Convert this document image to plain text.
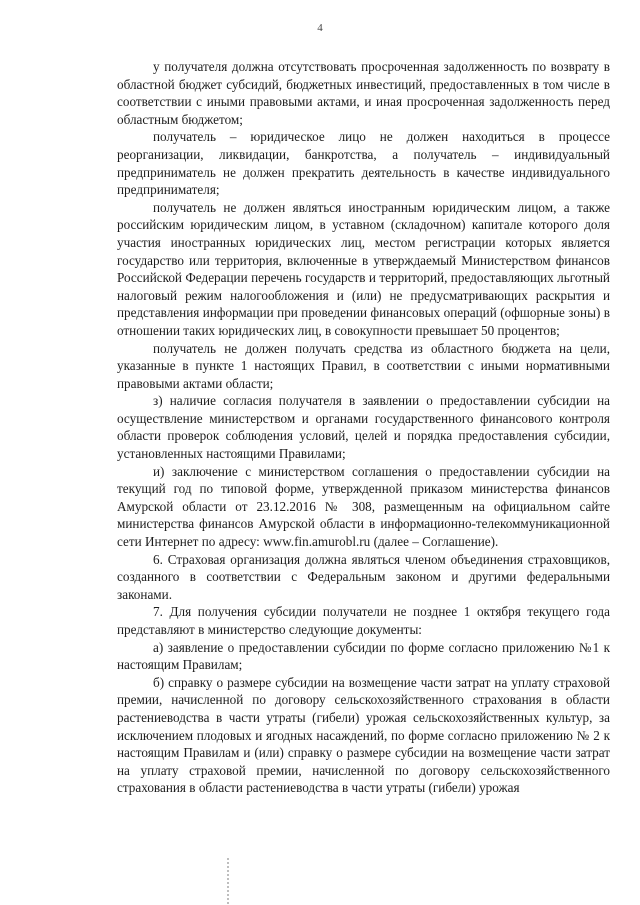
4

у получателя должна отсутствовать просроченная задолженность по возврату в областной бюджет субсидий, бюджетных инвестиций, предоставленных в том числе в соответствии с иными правовыми актами, и иная просроченная задолженность перед областным бюджетом;

получатель – юридическое лицо не должен находиться в процессе реорганизации, ликвидации, банкротства, а получатель – индивидуальный предприниматель не должен прекратить деятельность в качестве индивидуального предпринимателя;

получатель не должен являться иностранным юридическим лицом, а также российским юридическим лицом, в уставном (складочном) капитале которого доля участия иностранных юридических лиц, местом регистрации которых является государство или территория, включенные в утверждаемый Министерством финансов Российской Федерации перечень государств и территорий, предоставляющих льготный налоговый режим налогообложения и (или) не предусматривающих раскрытия и представления информации при проведении финансовых операций (офшорные зоны) в отношении таких юридических лиц, в совокупности превышает 50 процентов;

получатель не должен получать средства из областного бюджета на цели, указанные в пункте 1 настоящих Правил, в соответствии с иными нормативными правовыми актами области;

з) наличие согласия получателя в заявлении о предоставлении субсидии на осуществление министерством и органами государственного финансового контроля области проверок соблюдения условий, целей и порядка предоставления субсидии, установленных настоящими Правилами;

и) заключение с министерством соглашения о предоставлении субсидии на текущий год по типовой форме, утвержденной приказом министерства финансов Амурской области от 23.12.2016 № 308, размещенным на официальном сайте министерства финансов Амурской области в информационно-телекоммуникационной сети Интернет по адресу: www.fin.amurobl.ru (далее – Соглашение).

6. Страховая организация должна являться членом объединения страховщиков, созданного в соответствии с Федеральным законом и другими федеральными законами.

7. Для получения субсидии получатели не позднее 1 октября текущего года представляют в министерство следующие документы:

а) заявление о предоставлении субсидии по форме согласно приложению №1 к настоящим Правилам;

б) справку о размере субсидии на возмещение части затрат на уплату страховой премии, начисленной по договору сельскохозяйственного страхования в области растениеводства в части утраты (гибели) урожая сельскохозяйственных культур, за исключением плодовых и ягодных насаждений, по форме согласно приложению № 2 к настоящим Правилам и (или) справку о размере субсидии на возмещение части затрат на уплату страховой премии, начисленной по договору сельскохозяйственного страхования в области растениеводства в части утраты (гибели) урожая
